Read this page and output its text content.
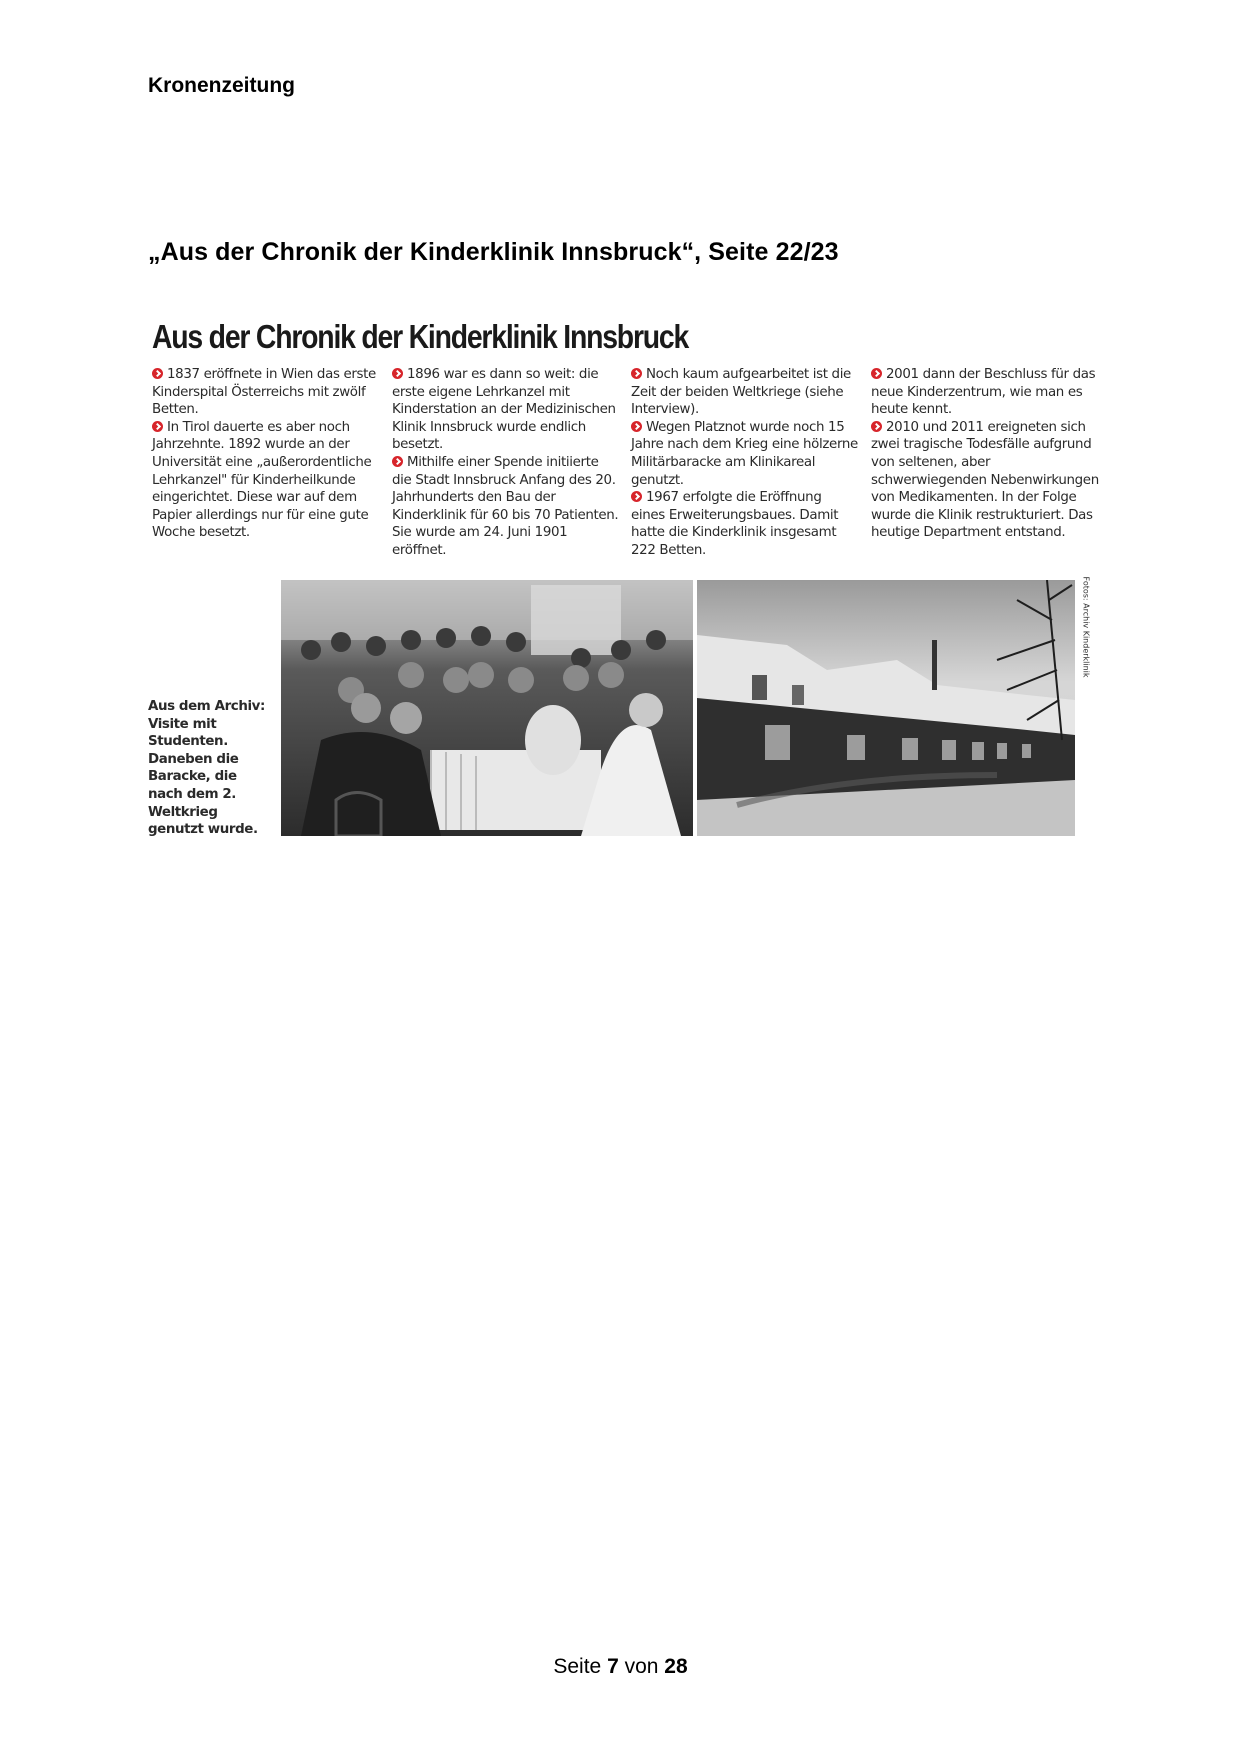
Kronenzeitung
„Aus der Chronik der Kinderklinik Innsbruck“, Seite 22/23
Aus der Chronik der Kinderklinik Innsbruck

1837 eröffnete in Wien das erste Kinderspital Österreichs mit zwölf Betten.

In Tirol dauerte es aber noch Jahrzehnte. 1892 wurde an der Universität eine „außerordentliche Lehrkanzel" für Kinderheilkunde eingerichtet. Diese war auf dem Papier allerdings nur für eine gute Woche besetzt.

1896 war es dann so weit: die erste eigene Lehrkanzel mit Kinderstation an der Medizinischen Klinik Innsbruck wurde endlich besetzt.

Mithilfe einer Spende initiierte die Stadt Innsbruck Anfang des 20. Jahrhunderts den Bau der Kinderklinik für 60 bis 70 Patienten. Sie wurde am 24. Juni 1901 eröffnet.

Noch kaum aufgearbeitet ist die Zeit der beiden Weltkriege (siehe Interview).

Wegen Platznot wurde noch 15 Jahre nach dem Krieg eine hölzerne Militärbaracke am Klinikareal genutzt.

1967 erfolgte die Eröffnung eines Erweiterungsbaues. Damit hatte die Kinderklinik insgesamt 222 Betten.

2001 dann der Beschluss für das neue Kinderzentrum, wie man es heute kennt.

2010 und 2011 ereigneten sich zwei tragische Todesfälle aufgrund von seltenen, aber schwerwiegenden Nebenwirkungen von Medikamenten. In der Folge wurde die Klinik restrukturiert. Das heutige Department entstand.

Aus dem Archiv: Visite mit Studenten. Daneben die Baracke, die nach dem 2. Weltkrieg genutzt wurde.
Fotos: Archiv Kinderklinik
Seite 7 von 28
